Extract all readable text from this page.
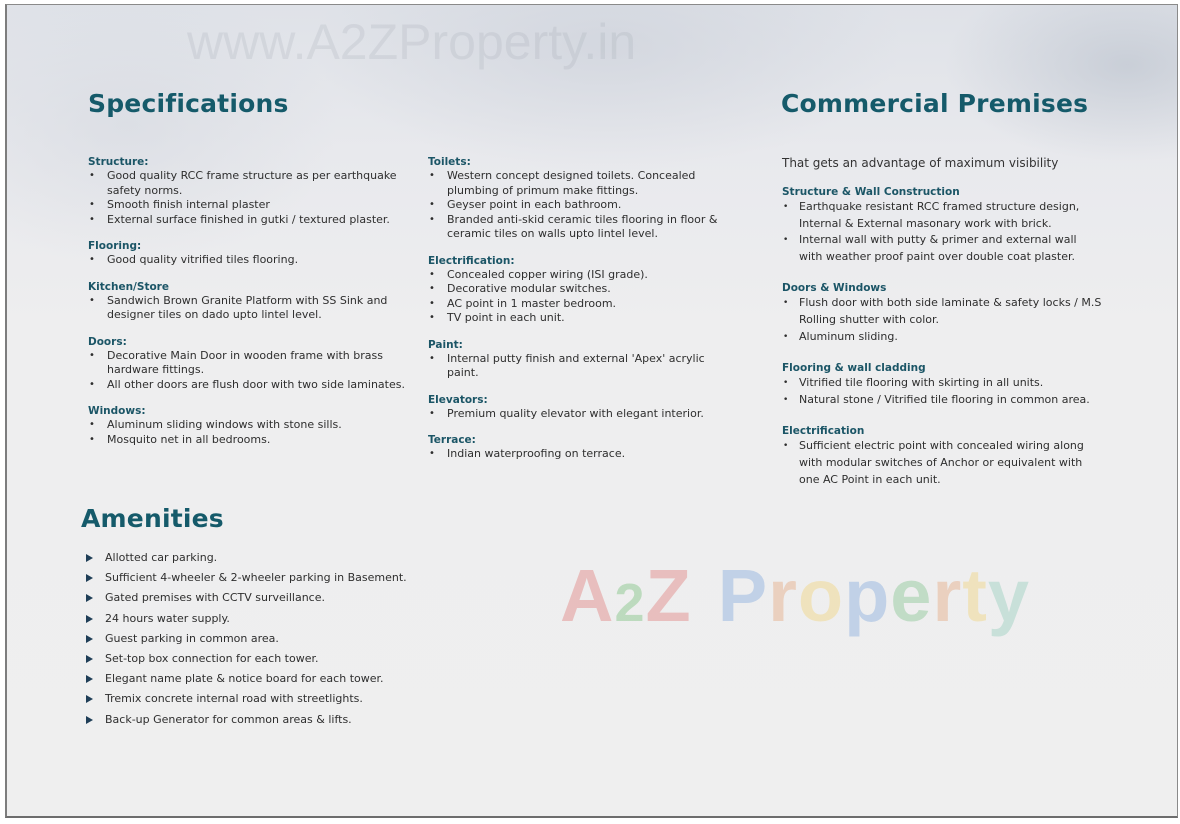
www.A2ZProperty.in
A2Z Property
Specifications

Structure:

• Good quality RCC frame structure as per earthquake safety norms.
• Smooth finish internal plaster
• External surface finished in gutki / textured plaster.

Flooring:

• Good quality vitrified tiles flooring.

Kitchen/Store

• Sandwich Brown Granite Platform with SS Sink and designer tiles on dado upto lintel level.

Doors:

• Decorative Main Door in wooden frame with brass hardware fittings.
• All other doors are flush door with two side laminates.

Windows:

• Aluminum sliding windows with stone sills.
• Mosquito net in all bedrooms.

Toilets:

• Western concept designed toilets. Concealed plumbing of primum make fittings.
• Geyser point in each bathroom.
• Branded anti-skid ceramic tiles flooring in floor & ceramic tiles on walls upto lintel level.

Electrification:

• Concealed copper wiring (ISI grade).
• Decorative modular switches.
• AC point in 1 master bedroom.
• TV point in each unit.

Paint:

• Internal putty finish and external 'Apex' acrylic paint.

Elevators:

• Premium quality elevator with elegant interior.

Terrace:

• Indian waterproofing on terrace.
Amenities
Allotted car parking.
Sufficient 4-wheeler & 2-wheeler parking in Basement.
Gated premises with CCTV surveillance.
24 hours water supply.
Guest parking in common area.
Set-top box connection for each tower.
Elegant name plate & notice board for each tower.
Tremix concrete internal road with streetlights.
Back-up Generator for common areas & lifts.
Commercial Premises

That gets an advantage of maximum visibility

Structure & Wall Construction

• Earthquake resistant RCC framed structure design, Internal & External masonary work with brick.
• Internal wall with putty & primer and external wall with weather proof paint over double coat plaster.

Doors & Windows

• Flush door with both side laminate & safety locks / M.S Rolling shutter with color.
• Aluminum sliding.

Flooring & wall cladding

• Vitrified tile flooring with skirting in all units.
• Natural stone / Vitrified tile flooring in common area.

Electrification

• Sufficient electric point with concealed wiring along with modular switches of Anchor or equivalent with one AC Point in each unit.
